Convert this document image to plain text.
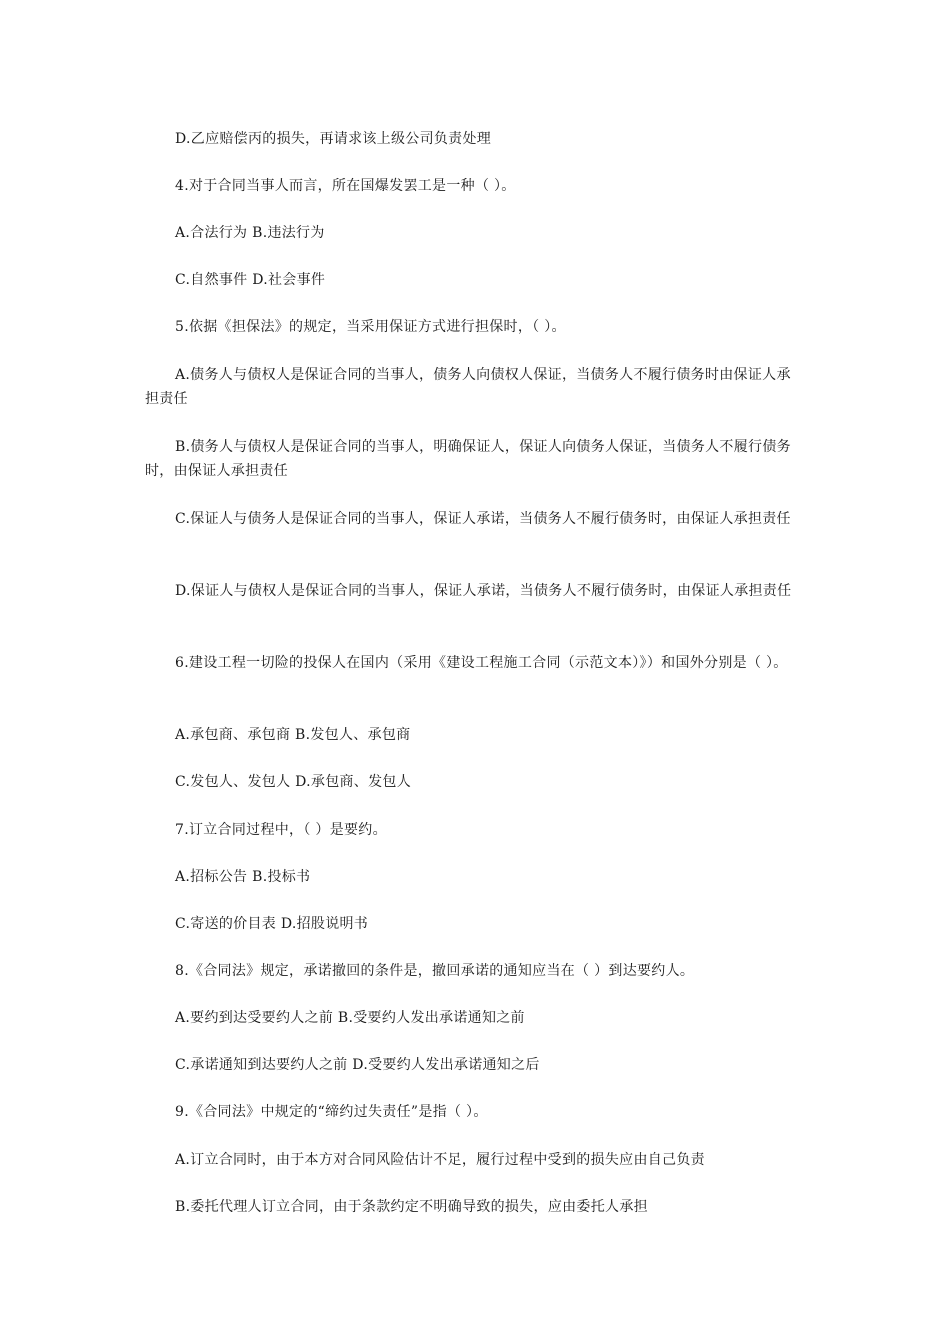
D.乙应赔偿丙的损失，再请求该上级公司负责处理

4.对于合同当事人而言，所在国爆发罢工是一种（ ）。

A.合法行为 B.违法行为

C.自然事件 D.社会事件

5.依据《担保法》的规定，当采用保证方式进行担保时，（ ）。

A.债务人与债权人是保证合同的当事人，债务人向债权人保证，当债务人不履行债务时由保证人承担责任

B.债务人与债权人是保证合同的当事人，明确保证人，保证人向债务人保证，当债务人不履行债务时，由保证人承担责任

C.保证人与债务人是保证合同的当事人，保证人承诺，当债务人不履行债务时，由保证人承担责任

D.保证人与债权人是保证合同的当事人，保证人承诺，当债务人不履行债务时，由保证人承担责任

6.建设工程一切险的投保人在国内（采用《建设工程施工合同（示范文本）》）和国外分别是（ ）。

A.承包商、承包商 B.发包人、承包商

C.发包人、发包人 D.承包商、发包人

7.订立合同过程中，（ ）是要约。

A.招标公告 B.投标书

C.寄送的价目表 D.招股说明书

8.《合同法》规定，承诺撤回的条件是，撤回承诺的通知应当在（ ）到达要约人。

A.要约到达受要约人之前 B.受要约人发出承诺通知之前

C.承诺通知到达要约人之前 D.受要约人发出承诺通知之后

9.《合同法》中规定的“缔约过失责任”是指（ ）。

A.订立合同时，由于本方对合同风险估计不足，履行过程中受到的损失应由自己负责

B.委托代理人订立合同，由于条款约定不明确导致的损失，应由委托人承担
